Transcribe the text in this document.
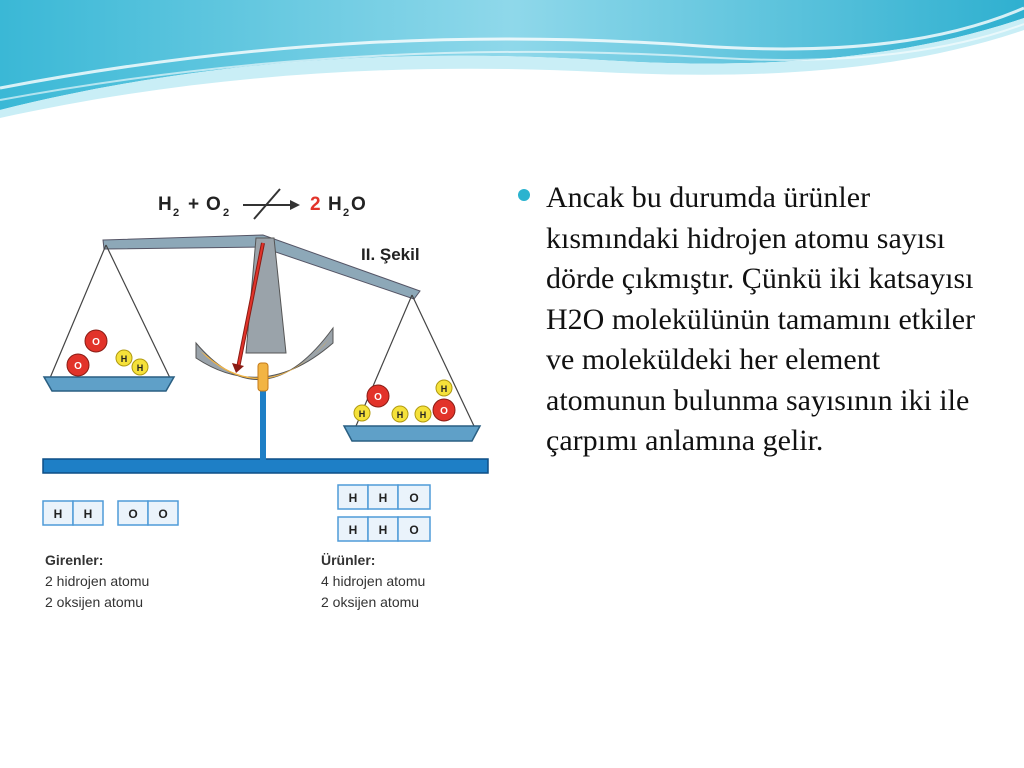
H 2 + O 2	2 H 2 O
II. Şekil
O
O
H
H
O
H	H H O
H
H H	O O
H H O
H H O
Girenler:
2 hidrojen atomu
2 oksijen atomu
Ürünler:
4 hidrojen atomu
2 oksijen atomu

Ancak bu durumda ürünler kısmındaki hidrojen atomu sayısı dörde çıkmıştır. Çünkü iki katsayısı H2O molekülünün tamamını etkiler ve moleküldeki her element atomunun bulunma sayısının iki ile çarpımı anlamına gelir.
